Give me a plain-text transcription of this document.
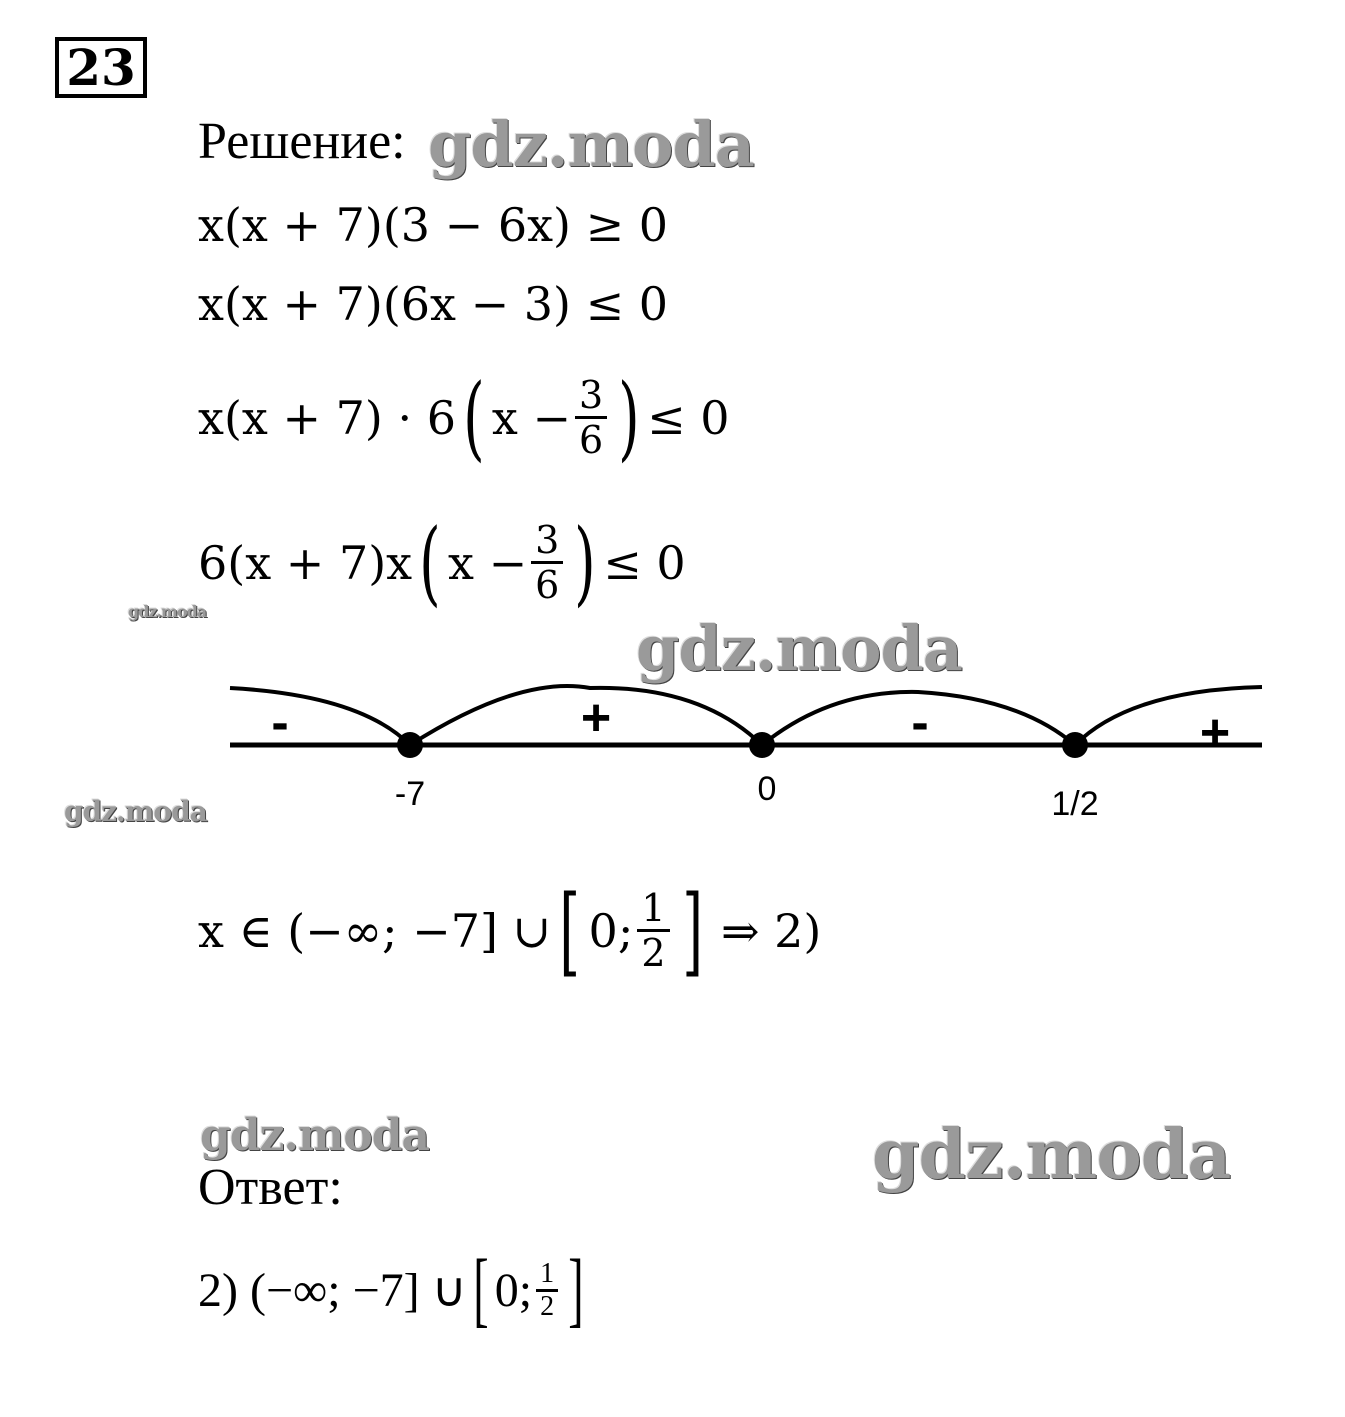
23
Решение:
x(x + 7)(3 − 6x) ≥ 0
x(x + 7)(6x − 3) ≤ 0
x(x + 7) · 6 ( $x - \frac{3}{6}$ ) ≤ 0
6(x + 7)x ( $x - \frac{3}{6}$ ) ≤ 0
-	+	-	+
-7	0	1/2
x ∈ (−∞; −7] ∪ [ 0; $\frac{1}{2}$ ] ⇒ 2)
Ответ:
2) (−∞; −7] ∪ [ 0; $\frac{1}{2}$ ]
gdz.moda
gdz.moda
gdz.moda
gdz.moda
gdz.moda	gdz.moda
